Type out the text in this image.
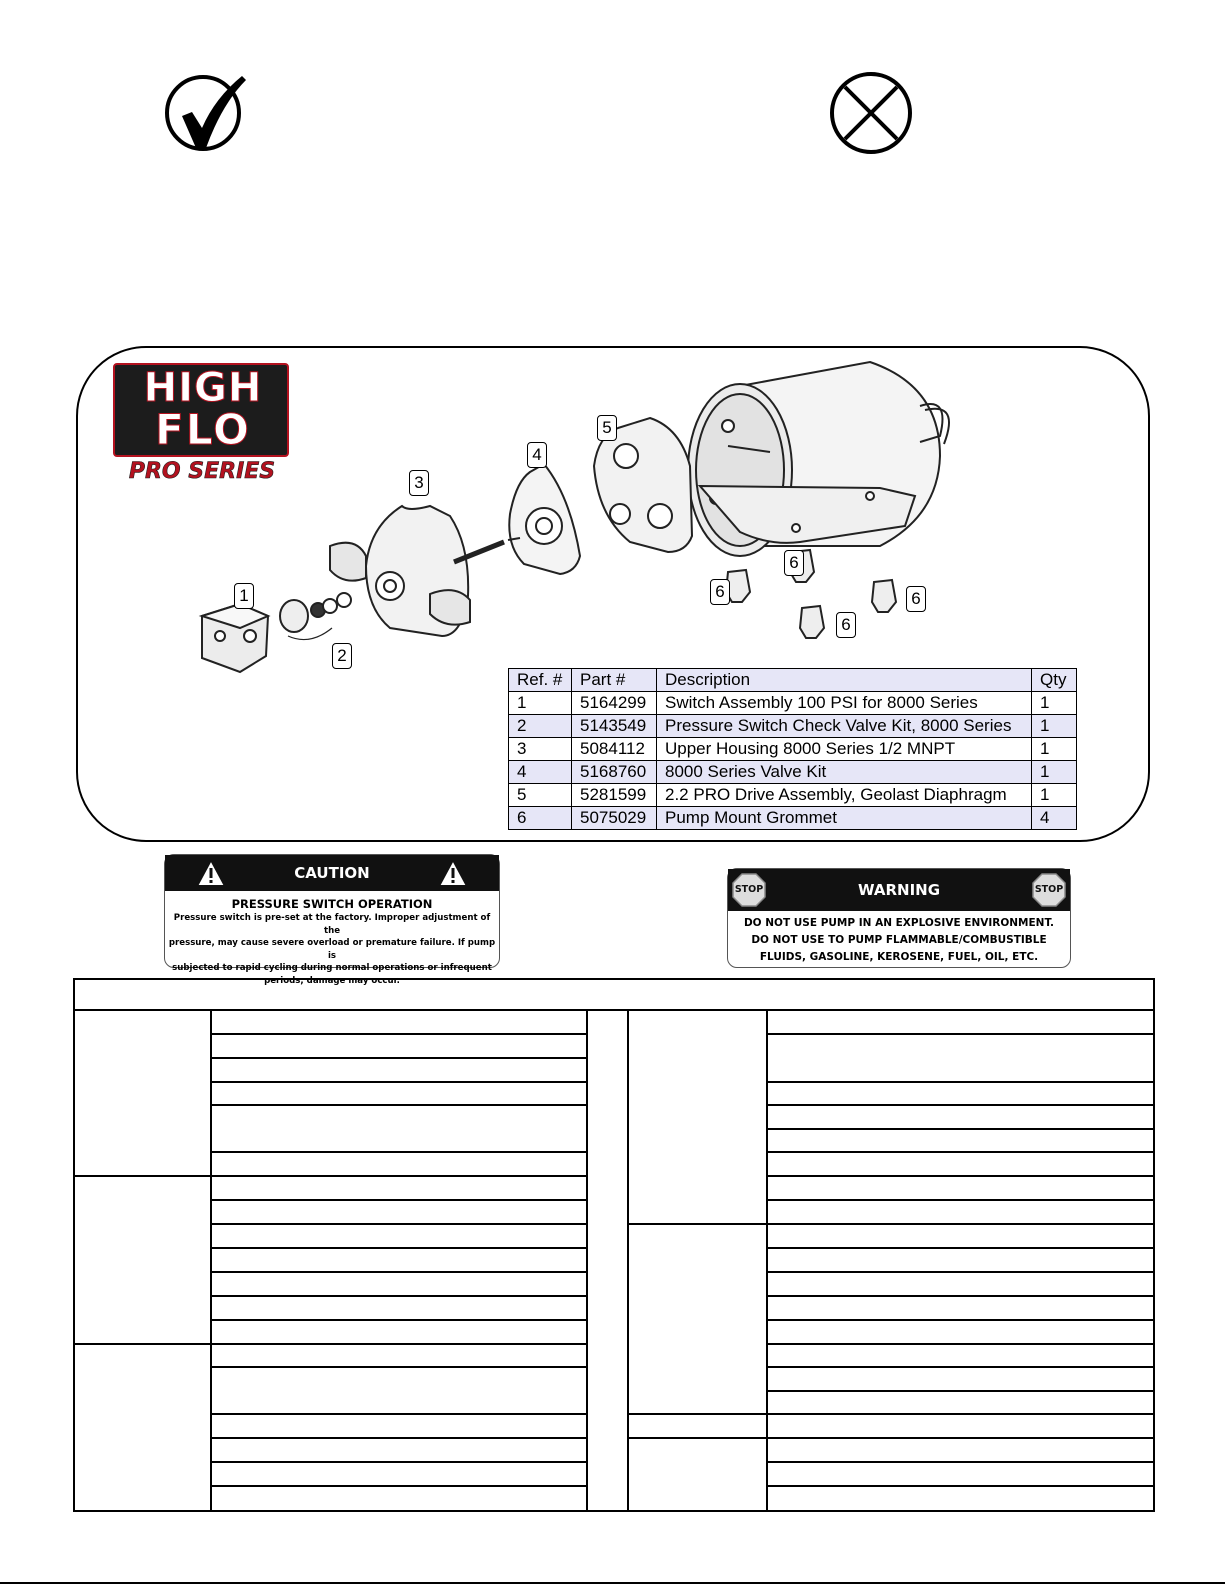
HIGH
FLO
PRO SERIES
1
2
3
4
5
6
6	6
6
Ref. #	Part #	Description	Qty
1	5164299	Switch Assembly 100 PSI for 8000 Series	1
2	5143549	Pressure Switch Check Valve Kit, 8000 Series	1
3	5084112	Upper Housing 8000 Series 1/2 MNPT	1
4	5168760	8000 Series Valve Kit	1
5	5281599	2.2 PRO Drive Assembly, Geolast Diaphragm	1
6	5075029	Pump Mount Grommet	4
CAUTION
PRESSURE SWITCH OPERATION
Pressure switch is pre-set at the factory. Improper adjustment of the
pressure, may cause severe overload or premature failure. If pump is
subjected to rapid cycling during normal operations or infrequent
periods, damage may occur.
STOP	WARNING	STOP
DO NOT USE PUMP IN AN EXPLOSIVE ENVIRONMENT.
DO NOT USE TO PUMP FLAMMABLE/COMBUSTIBLE
FLUIDS, GASOLINE, KEROSENE, FUEL, OIL, ETC.
